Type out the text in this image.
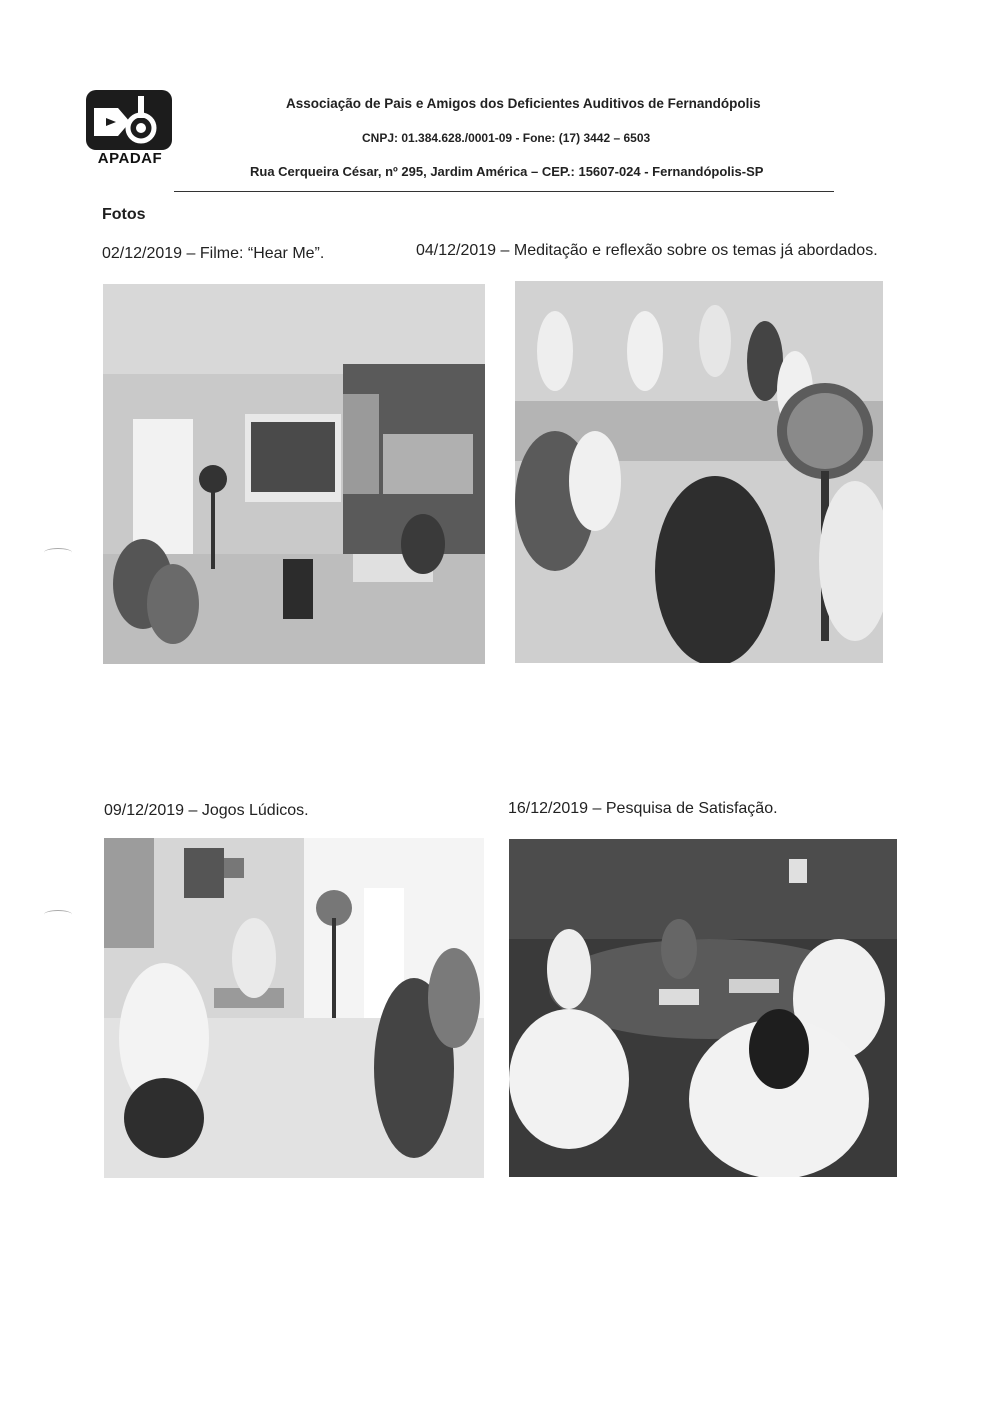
APADAF
Associação de Pais e Amigos dos Deficientes Auditivos de Fernandópolis
CNPJ: 01.384.628./0001-09 - Fone: (17) 3442 – 6503
Rua Cerqueira César, nº 295, Jardim América – CEP.: 15607-024 - Fernandópolis-SP
Fotos
02/12/2019 – Filme: “Hear Me”.	04/12/2019 – Meditação e reflexão sobre os temas já abordados.
09/12/2019 – Jogos Lúdicos.	16/12/2019 – Pesquisa de Satisfação.
